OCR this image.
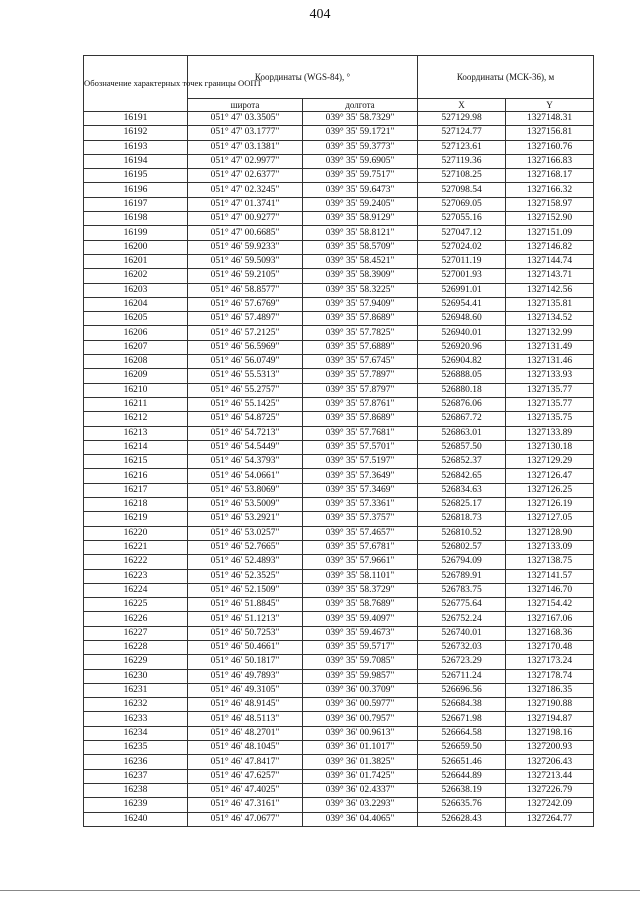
404
Обозначение характерных точек границы ООПТ	Координаты (WGS-84), °		Координаты (МСК-36), м	
	широта	долгота	X	Y
16191	051° 47' 03.3505"	039° 35' 58.7329"	527129.98	1327148.31
16192	051° 47' 03.1777"	039° 35' 59.1721"	527124.77	1327156.81
16193	051° 47' 03.1381"	039° 35' 59.3773"	527123.61	1327160.76
16194	051° 47' 02.9977"	039° 35' 59.6905"	527119.36	1327166.83
16195	051° 47' 02.6377"	039° 35' 59.7517"	527108.25	1327168.17
16196	051° 47' 02.3245"	039° 35' 59.6473"	527098.54	1327166.32
16197	051° 47' 01.3741"	039° 35' 59.2405"	527069.05	1327158.97
16198	051° 47' 00.9277"	039° 35' 58.9129"	527055.16	1327152.90
16199	051° 47' 00.6685"	039° 35' 58.8121"	527047.12	1327151.09
16200	051° 46' 59.9233"	039° 35' 58.5709"	527024.02	1327146.82
16201	051° 46' 59.5093"	039° 35' 58.4521"	527011.19	1327144.74
16202	051° 46' 59.2105"	039° 35' 58.3909"	527001.93	1327143.71
16203	051° 46' 58.8577"	039° 35' 58.3225"	526991.01	1327142.56
16204	051° 46' 57.6769"	039° 35' 57.9409"	526954.41	1327135.81
16205	051° 46' 57.4897"	039° 35' 57.8689"	526948.60	1327134.52
16206	051° 46' 57.2125"	039° 35' 57.7825"	526940.01	1327132.99
16207	051° 46' 56.5969"	039° 35' 57.6889"	526920.96	1327131.49
16208	051° 46' 56.0749"	039° 35' 57.6745"	526904.82	1327131.46
16209	051° 46' 55.5313"	039° 35' 57.7897"	526888.05	1327133.93
16210	051° 46' 55.2757"	039° 35' 57.8797"	526880.18	1327135.77
16211	051° 46' 55.1425"	039° 35' 57.8761"	526876.06	1327135.77
16212	051° 46' 54.8725"	039° 35' 57.8689"	526867.72	1327135.75
16213	051° 46' 54.7213"	039° 35' 57.7681"	526863.01	1327133.89
16214	051° 46' 54.5449"	039° 35' 57.5701"	526857.50	1327130.18
16215	051° 46' 54.3793"	039° 35' 57.5197"	526852.37	1327129.29
16216	051° 46' 54.0661"	039° 35' 57.3649"	526842.65	1327126.47
16217	051° 46' 53.8069"	039° 35' 57.3469"	526834.63	1327126.25
16218	051° 46' 53.5009"	039° 35' 57.3361"	526825.17	1327126.19
16219	051° 46' 53.2921"	039° 35' 57.3757"	526818.73	1327127.05
16220	051° 46' 53.0257"	039° 35' 57.4657"	526810.52	1327128.90
16221	051° 46' 52.7665"	039° 35' 57.6781"	526802.57	1327133.09
16222	051° 46' 52.4893"	039° 35' 57.9661"	526794.09	1327138.75
16223	051° 46' 52.3525"	039° 35' 58.1101"	526789.91	1327141.57
16224	051° 46' 52.1509"	039° 35' 58.3729"	526783.75	1327146.70
16225	051° 46' 51.8845"	039° 35' 58.7689"	526775.64	1327154.42
16226	051° 46' 51.1213"	039° 35' 59.4097"	526752.24	1327167.06
16227	051° 46' 50.7253"	039° 35' 59.4673"	526740.01	1327168.36
16228	051° 46' 50.4661"	039° 35' 59.5717"	526732.03	1327170.48
16229	051° 46' 50.1817"	039° 35' 59.7085"	526723.29	1327173.24
16230	051° 46' 49.7893"	039° 35' 59.9857"	526711.24	1327178.74
16231	051° 46' 49.3105"	039° 36' 00.3709"	526696.56	1327186.35
16232	051° 46' 48.9145"	039° 36' 00.5977"	526684.38	1327190.88
16233	051° 46' 48.5113"	039° 36' 00.7957"	526671.98	1327194.87
16234	051° 46' 48.2701"	039° 36' 00.9613"	526664.58	1327198.16
16235	051° 46' 48.1045"	039° 36' 01.1017"	526659.50	1327200.93
16236	051° 46' 47.8417"	039° 36' 01.3825"	526651.46	1327206.43
16237	051° 46' 47.6257"	039° 36' 01.7425"	526644.89	1327213.44
16238	051° 46' 47.4025"	039° 36' 02.4337"	526638.19	1327226.79
16239	051° 46' 47.3161"	039° 36' 03.2293"	526635.76	1327242.09
16240	051° 46' 47.0677"	039° 36' 04.4065"	526628.43	1327264.77
